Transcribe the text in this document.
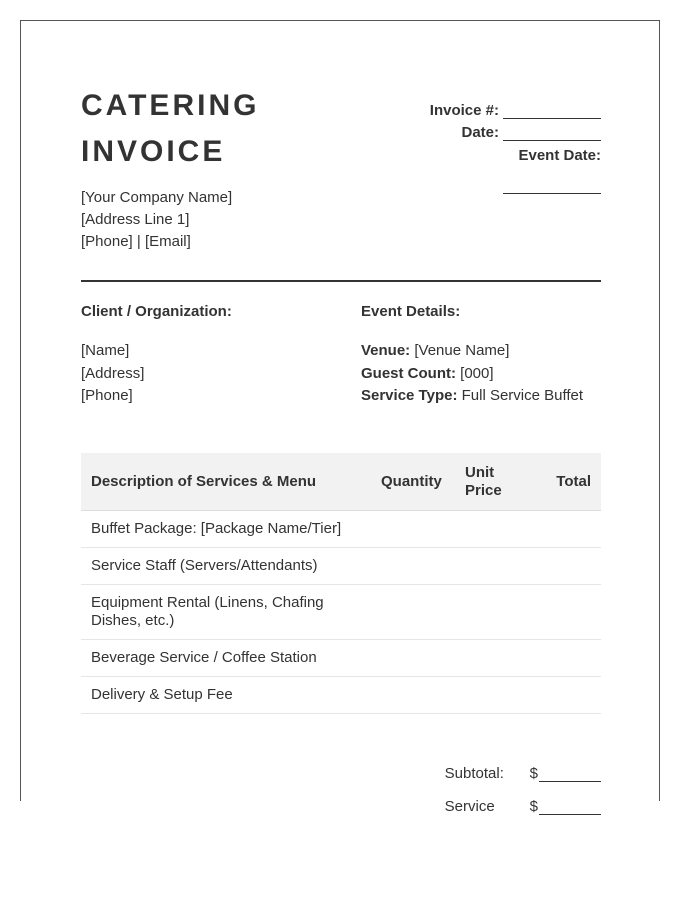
CATERING
INVOICE
Invoice #:
Date:
Event Date:
[Your Company Name]
[Address Line 1]
[Phone] | [Email]
Client / Organization:	Event Details:
[Name]
[Address]
[Phone]
Venue: [Venue Name]
Guest Count: [000]
Service Type: Full Service Buffet
Description of Services & Menu	Quantity	Unit Price	Total
Buffet Package: [Package Name/Tier]			
Service Staff (Servers/Attendants)			
Equipment Rental (Linens, Chafing Dishes, etc.)			
Beverage Service / Coffee Station			
Delivery & Setup Fee			
Subtotal:	$
Service	$
